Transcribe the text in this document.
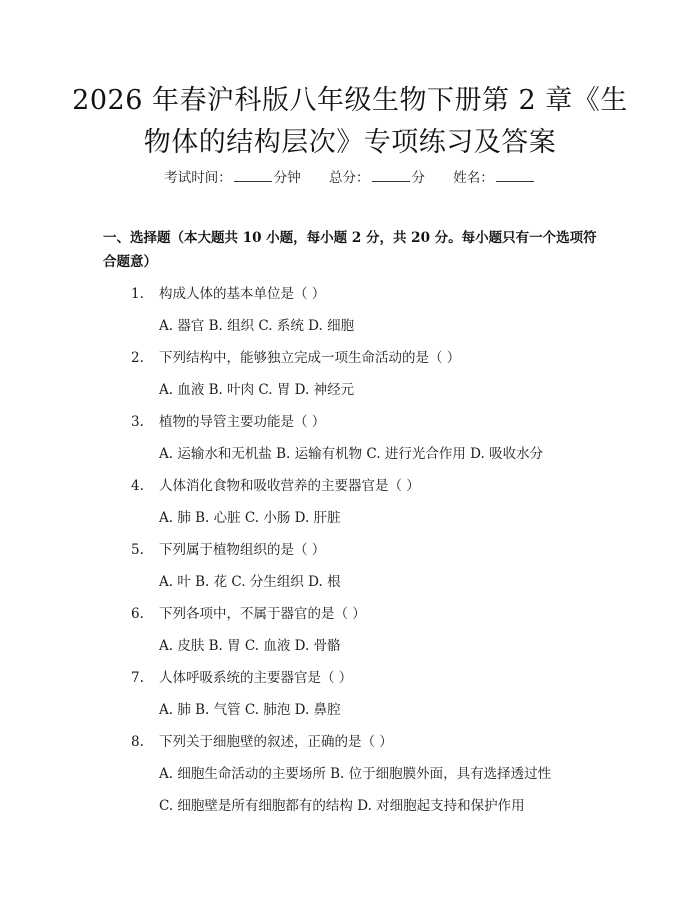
2026 年春沪科版八年级生物下册第 2 章《生
物体的结构层次》专项练习及答案
考试时间：	分钟 总分：	分 姓名：
一、选择题（本大题共 10 小题，每小题 2 分，共 20 分。每小题只有一个选项符合题意）
1. 构成人体的基本单位是（ ）
A. 器官 B. 组织 C. 系统 D. 细胞
2. 下列结构中，能够独立完成一项生命活动的是（ ）
A. 血液 B. 叶肉 C. 胃 D. 神经元
3. 植物的导管主要功能是（ ）
A. 运输水和无机盐 B. 运输有机物 C. 进行光合作用 D. 吸收水分
4. 人体消化食物和吸收营养的主要器官是（ ）
A. 肺 B. 心脏 C. 小肠 D. 肝脏
5. 下列属于植物组织的是（ ）
A. 叶 B. 花 C. 分生组织 D. 根
6. 下列各项中，不属于器官的是（ ）
A. 皮肤 B. 胃 C. 血液 D. 骨骼
7. 人体呼吸系统的主要器官是（ ）
A. 肺 B. 气管 C. 肺泡 D. 鼻腔
8. 下列关于细胞壁的叙述，正确的是（ ）
A. 细胞生命活动的主要场所 B. 位于细胞膜外面，具有选择透过性
C. 细胞壁是所有细胞都有的结构 D. 对细胞起支持和保护作用
